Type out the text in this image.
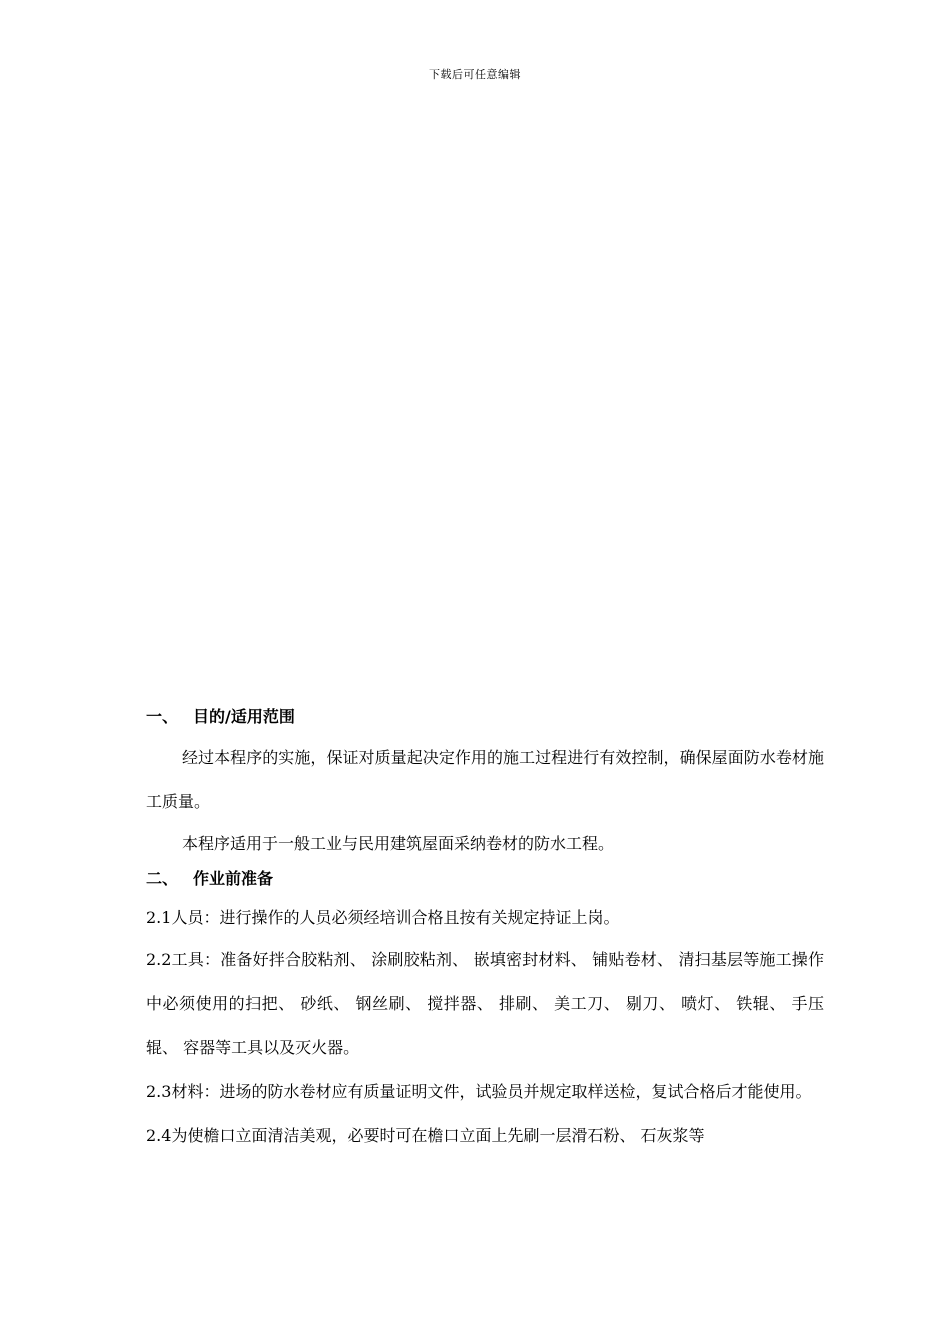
下载后可任意编辑
一、 目的/适用范围

经过本程序的实施，保证对质量起决定作用的施工过程进行有效控制，确保屋面防水卷材施工质量。

本程序适用于一般工业与民用建筑屋面采纳卷材的防水工程。

二、 作业前准备

2.1人员：进行操作的人员必须经培训合格且按有关规定持证上岗。

2.2工具：准备好拌合胶粘剂、 涂刷胶粘剂、 嵌填密封材料、 铺贴卷材、 清扫基层等施工操作中必须使用的扫把、 砂纸、 钢丝刷、 搅拌器、 排刷、 美工刀、 剔刀、 喷灯、 铁辊、 手压辊、 容器等工具以及灭火器。

2.3材料：进场的防水卷材应有质量证明文件，试验员并规定取样送检，复试合格后才能使用。

2.4为使檐口立面清洁美观，必要时可在檐口立面上先刷一层滑石粉、 石灰浆等
